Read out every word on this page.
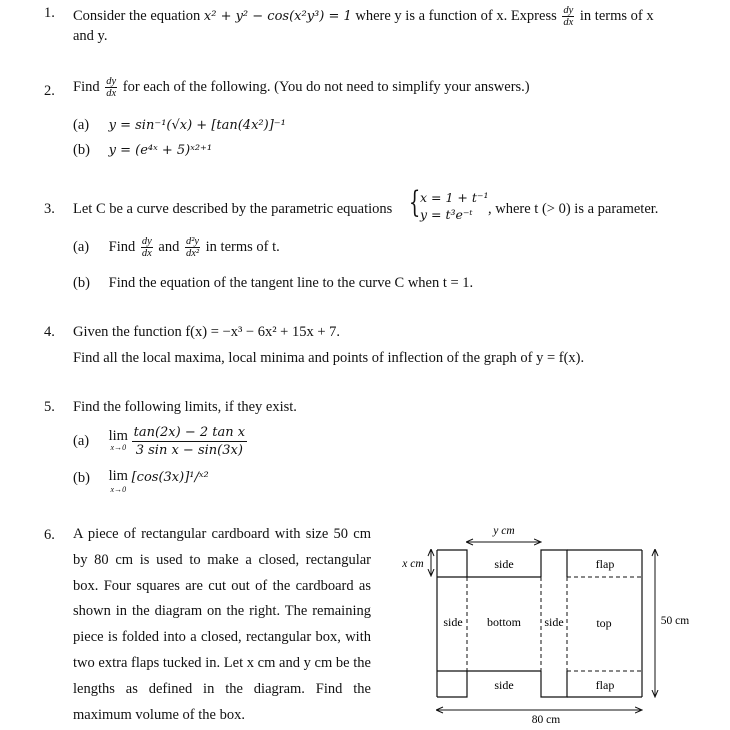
1. Consider the equation x² + y² − cos(x²y³) = 1 where y is a function of x. Express $\frac{dy}{dx}$ in terms of x
and y.
2. Find $\frac{dy}{dx}$ for each of the following. (You do not need to simplify your answers.)
(a) y = sin⁻¹(√x) + [tan(4x²)]⁻¹
(b) y = (e⁴ˣ + 5)ˣ²⁺¹
3. Let C be a curve described by the parametric equations { x = 1 + t⁻¹
y = t³e⁻ᵗ , where t (> 0) is a parameter.
(a) Find $\frac{dy}{dx}$ and $\frac{\text{d²y}}{\text{dx²}}$ in terms of t.
(b) Find the equation of the tangent line to the curve C when t = 1.
4. Given the function f(x) = −x³ − 6x² + 15x + 7.
Find all the local maxima, local minima and points of inflection of the graph of y = f(x).
5. Find the following limits, if they exist.
(a) lim
x→0
$\frac{\text{tan(2x) − 2 tan x}}{\text{3 sin x − sin(3x)}}$
(b) lim
x→0
[cos(3x)]¹/ˣ²
6. A piece of rectangular cardboard with size 50 cm
by 80 cm is used to make a closed, rectangular
box. Four squares are cut out of the cardboard as
shown in the diagram on the right. The remaining
piece is folded into a closed, rectangular box, with
two extra flaps tucked in. Let x cm and y cm be the
lengths as defined in the diagram. Find the
maximum volume of the box.
y cm
x cm
50 cm
80 cm
side	flap
side bottom side	top
side	flap
